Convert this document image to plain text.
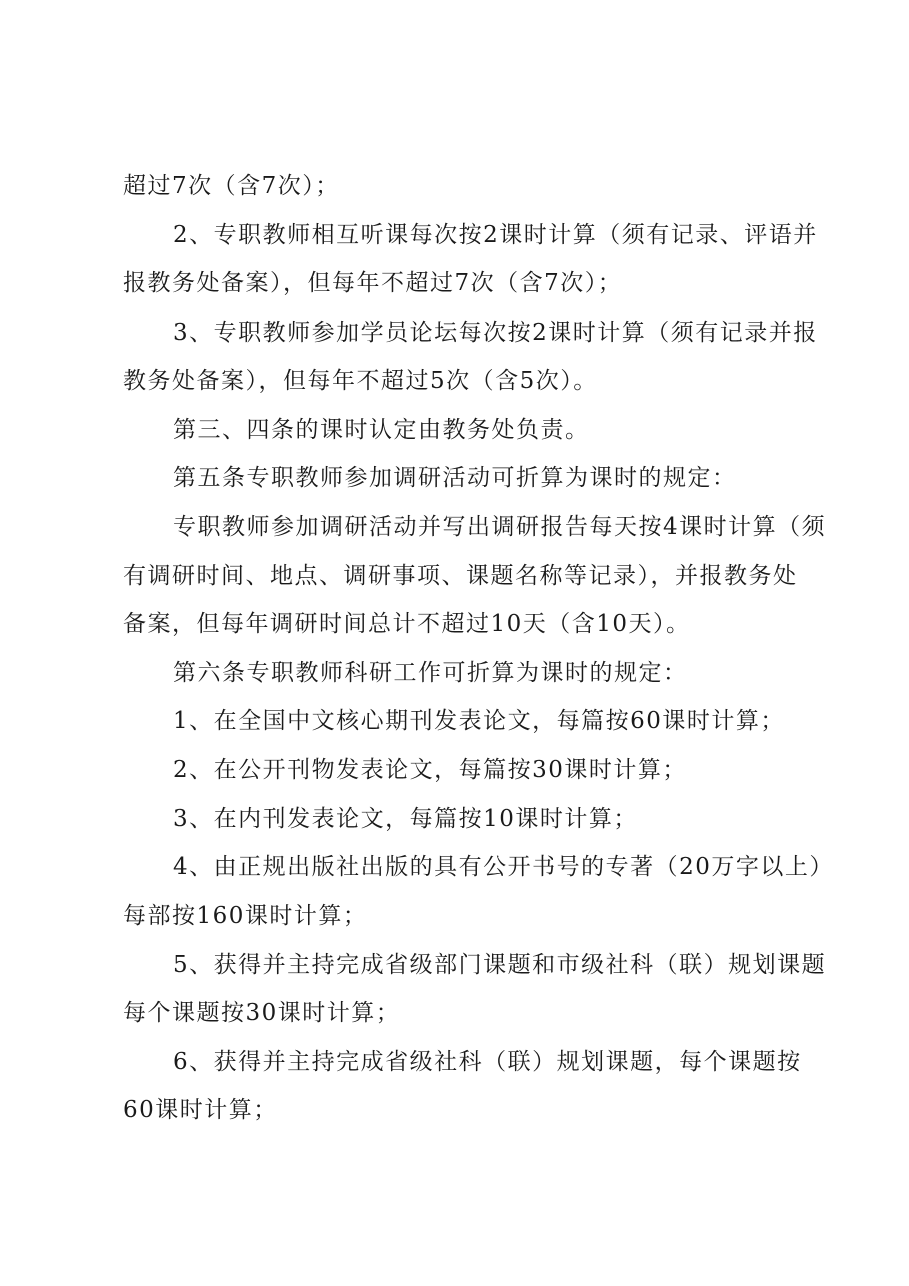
超过7次（含7次）；
2、专职教师相互听课每次按2课时计算（须有记录、评语并
报教务处备案），但每年不超过7次（含7次）；
3、专职教师参加学员论坛每次按2课时计算（须有记录并报
教务处备案），但每年不超过5次（含5次）。
第三、四条的课时认定由教务处负责。
第五条专职教师参加调研活动可折算为课时的规定：
专职教师参加调研活动并写出调研报告每天按4课时计算（须
有调研时间、地点、调研事项、课题名称等记录），并报教务处
备案，但每年调研时间总计不超过10天（含10天）。
第六条专职教师科研工作可折算为课时的规定：
1、在全国中文核心期刊发表论文，每篇按60课时计算；
2、在公开刊物发表论文，每篇按30课时计算；
3、在内刊发表论文，每篇按10课时计算；
4、由正规出版社出版的具有公开书号的专著（20万字以上）
每部按160课时计算；
5、获得并主持完成省级部门课题和市级社科（联）规划课题
每个课题按30课时计算；
6、获得并主持完成省级社科（联）规划课题，每个课题按
60课时计算；
